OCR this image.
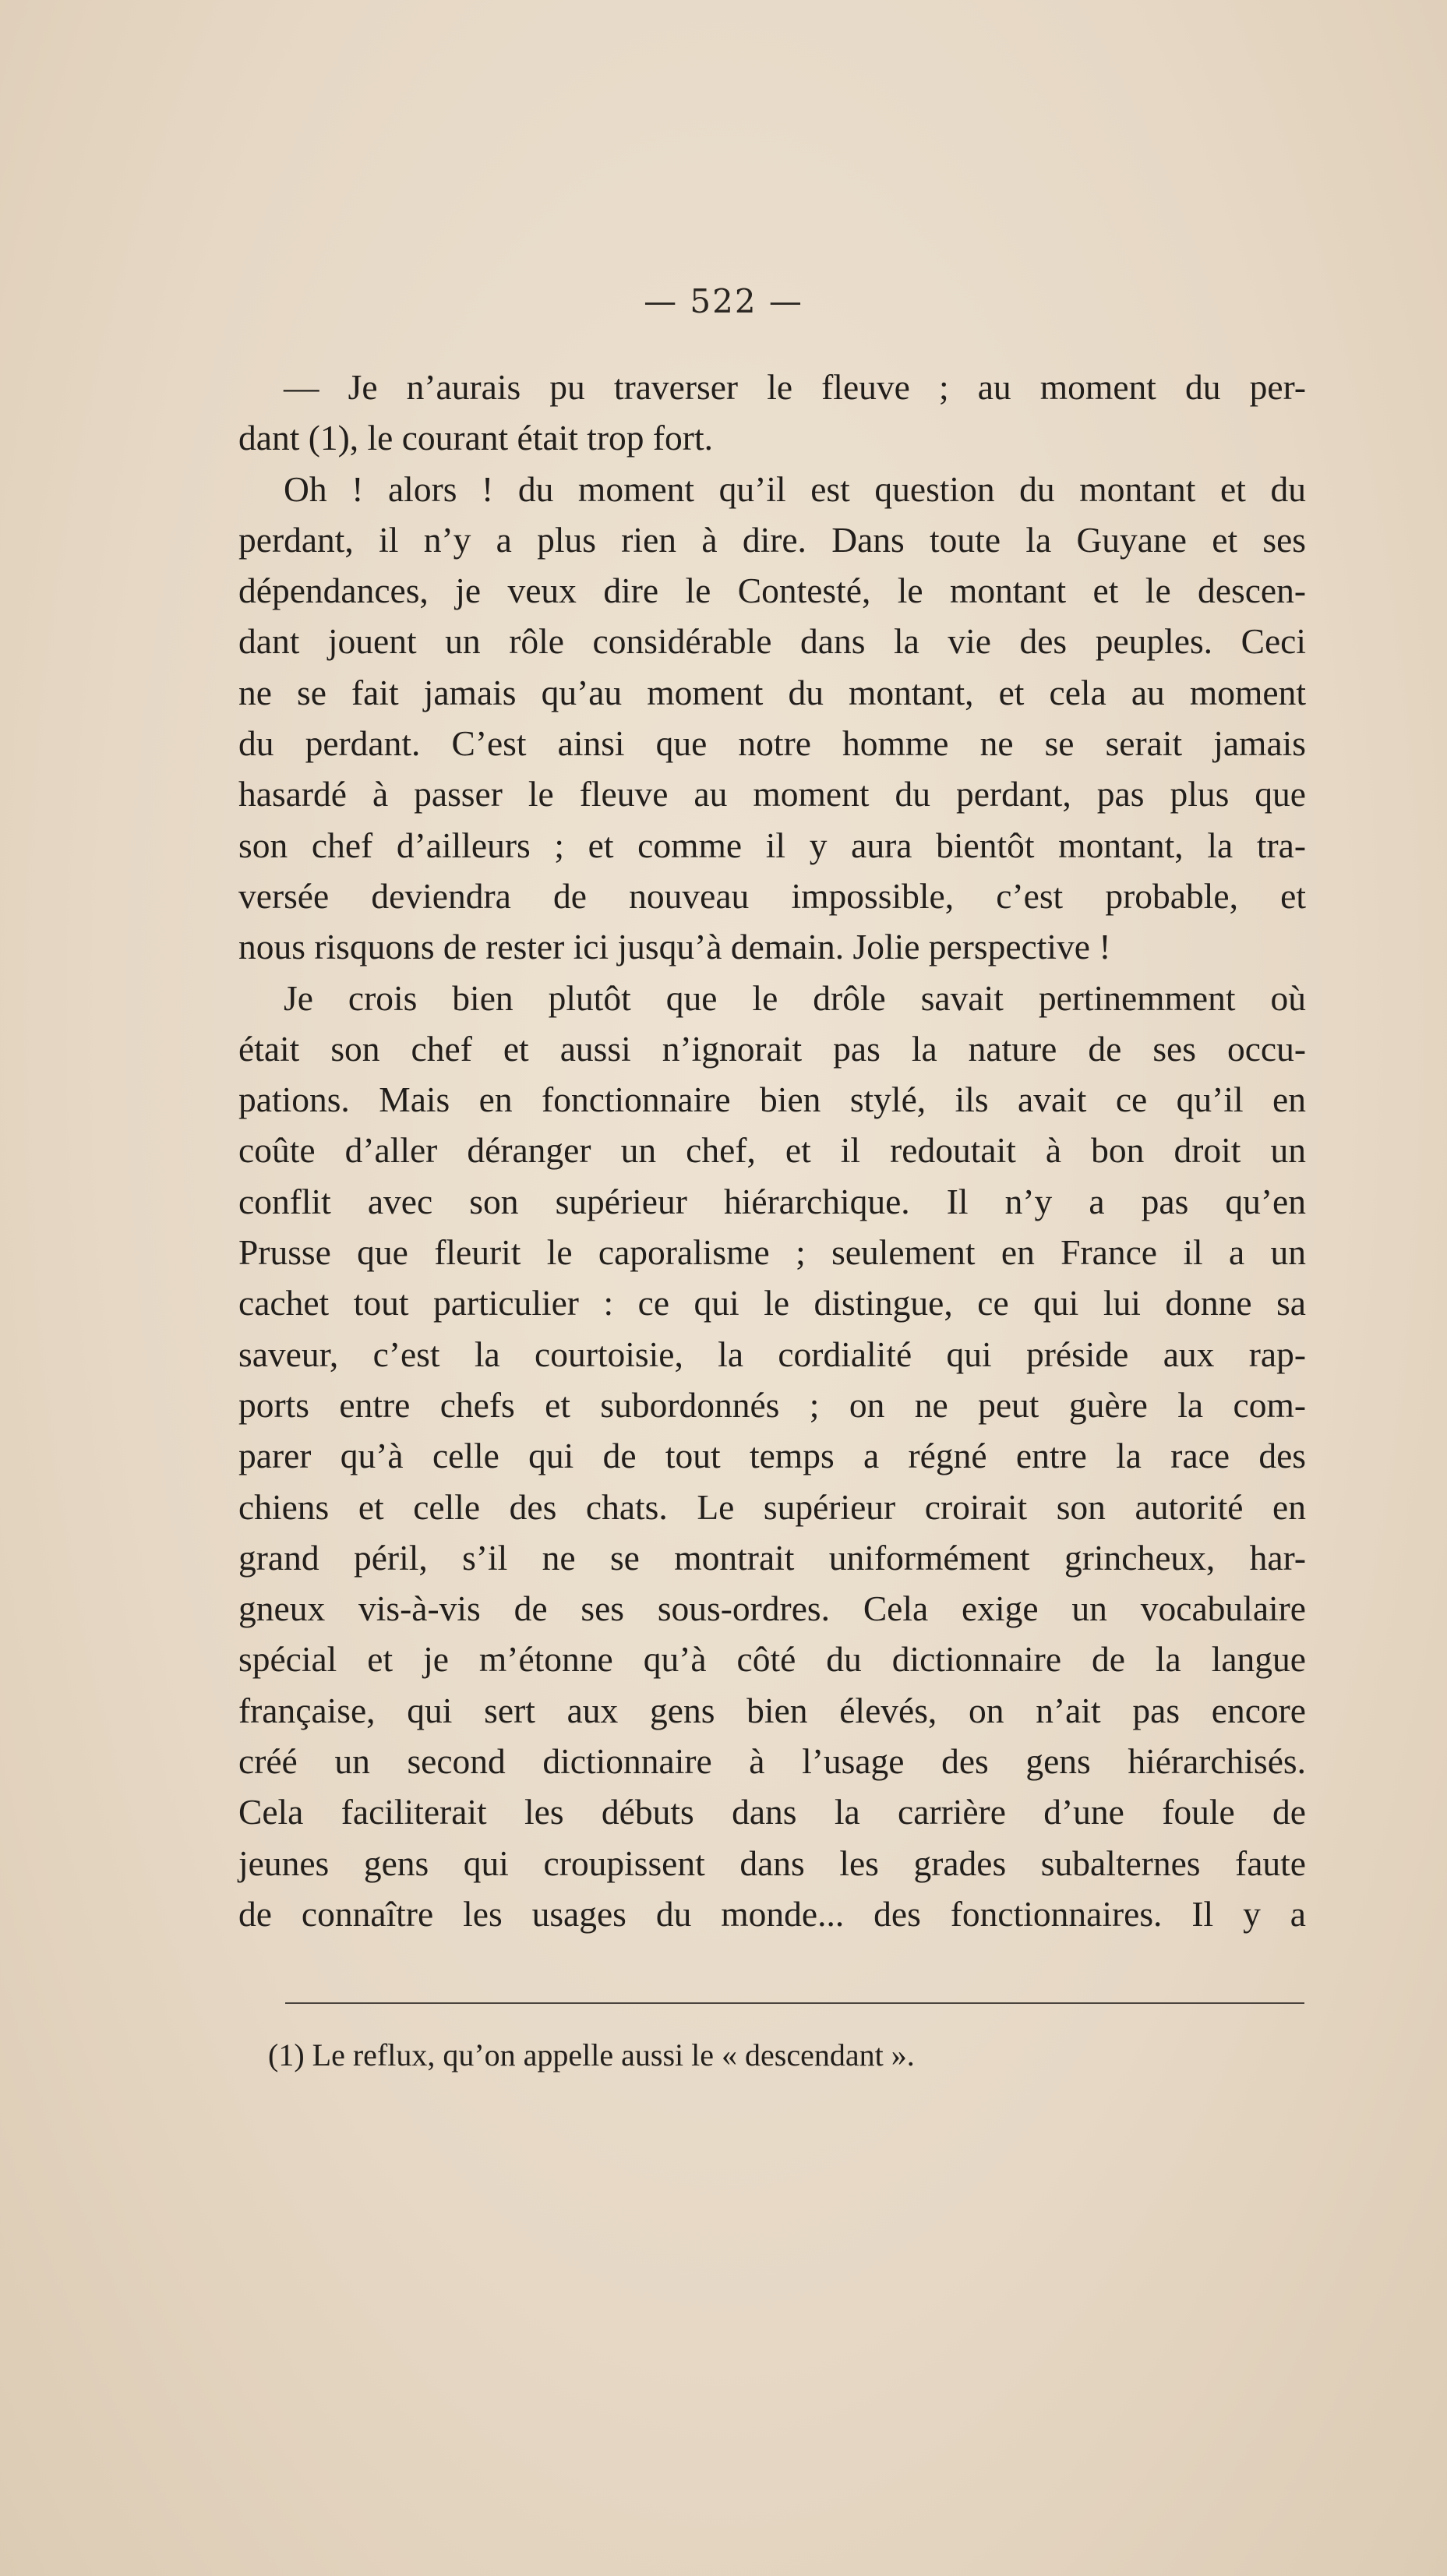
— 522 —
— Je n’aurais pu traverser le fleuve ; au moment du per-
dant (1), le courant était trop fort.
Oh ! alors ! du moment qu’il est question du montant et du
perdant, il n’y a plus rien à dire. Dans toute la Guyane et ses
dépendances, je veux dire le Contesté, le montant et le descen-
dant jouent un rôle considérable dans la vie des peuples. Ceci
ne se fait jamais qu’au moment du montant, et cela au moment
du perdant. C’est ainsi que notre homme ne se serait jamais
hasardé à passer le fleuve au moment du perdant, pas plus que
son chef d’ailleurs ; et comme il y aura bientôt montant, la tra-
versée deviendra de nouveau impossible, c’est probable, et
nous risquons de rester ici jusqu’à demain. Jolie perspective !
Je crois bien plutôt que le drôle savait pertinemment où
était son chef et aussi n’ignorait pas la nature de ses occu-
pations. Mais en fonctionnaire bien stylé, ils avait ce qu’il en
coûte d’aller déranger un chef, et il redoutait à bon droit un
conflit avec son supérieur hiérarchique. Il n’y a pas qu’en
Prusse que fleurit le caporalisme ; seulement en France il a un
cachet tout particulier : ce qui le distingue, ce qui lui donne sa
saveur, c’est la courtoisie, la cordialité qui préside aux rap-
ports entre chefs et subordonnés ; on ne peut guère la com-
parer qu’à celle qui de tout temps a régné entre la race des
chiens et celle des chats. Le supérieur croirait son autorité en
grand péril, s’il ne se montrait uniformément grincheux, har-
gneux vis-à-vis de ses sous-ordres. Cela exige un vocabulaire
spécial et je m’étonne qu’à côté du dictionnaire de la langue
française, qui sert aux gens bien élevés, on n’ait pas encore
créé un second dictionnaire à l’usage des gens hiérarchisés.
Cela faciliterait les débuts dans la carrière d’une foule de
jeunes gens qui croupissent dans les grades subalternes faute
de connaître les usages du monde... des fonctionnaires. Il y a

(1) Le reflux, qu’on appelle aussi le « descendant ».
